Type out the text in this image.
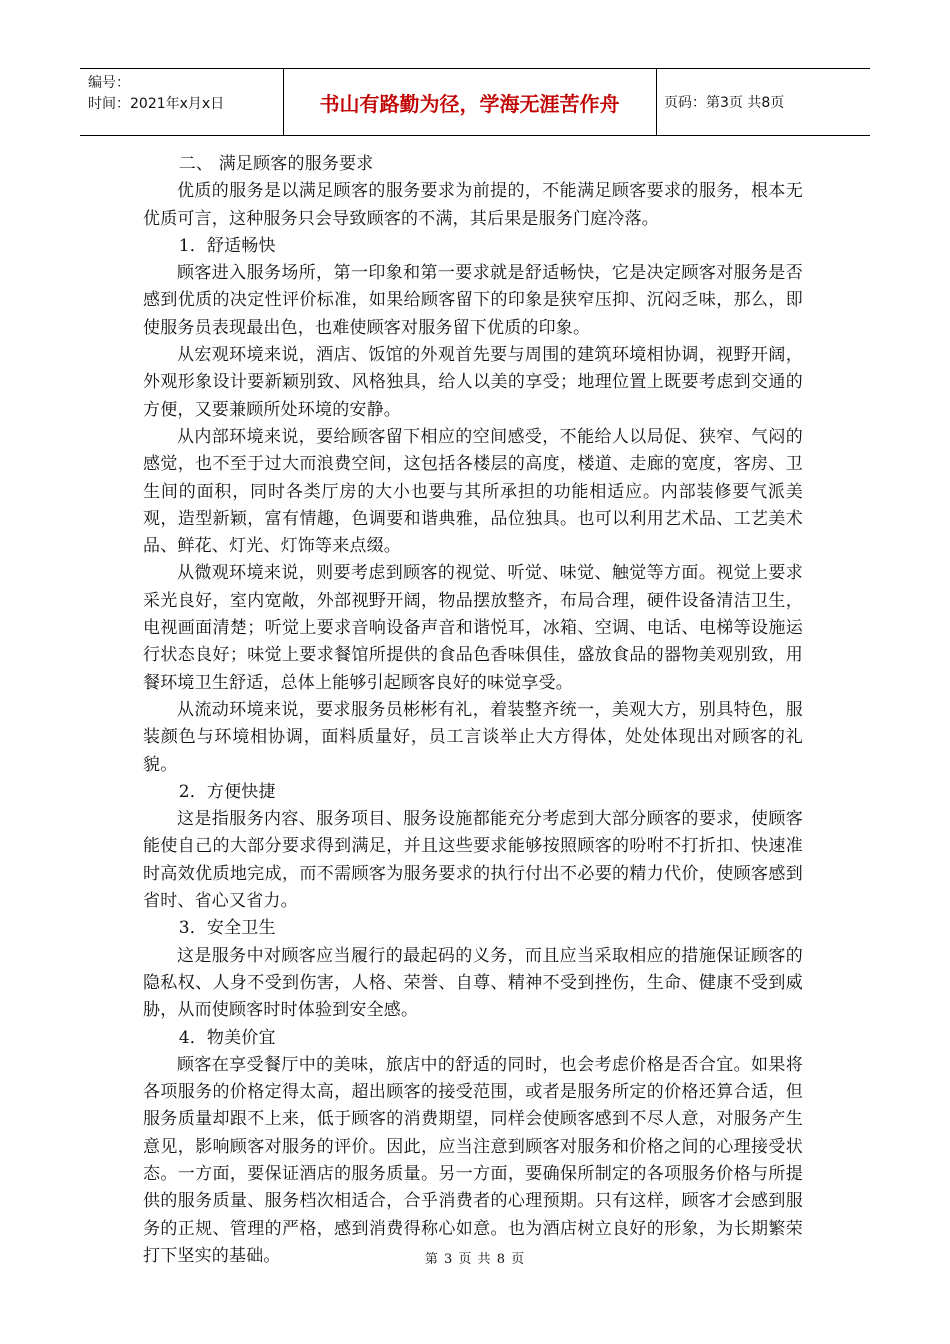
编号：
时间：2021年x月x日	书山有路勤为径，学海无涯苦作舟	页码：第3页 共8页

二、 满足顾客的服务要求

优质的服务是以满足顾客的服务要求为前提的，不能满足顾客要求的服务，根本无优质可言，这种服务只会导致顾客的不满，其后果是服务门庭冷落。

1．舒适畅快

顾客进入服务场所，第一印象和第一要求就是舒适畅快，它是决定顾客对服务是否感到优质的决定性评价标准，如果给顾客留下的印象是狭窄压抑、沉闷乏味，那么，即使服务员表现最出色，也难使顾客对服务留下优质的印象。

从宏观环境来说，酒店、饭馆的外观首先要与周围的建筑环境相协调，视野开阔，外观形象设计要新颖别致、风格独具，给人以美的享受；地理位置上既要考虑到交通的方便，又要兼顾所处环境的安静。

从内部环境来说，要给顾客留下相应的空间感受，不能给人以局促、狭窄、气闷的感觉，也不至于过大而浪费空间，这包括各楼层的高度，楼道、走廊的宽度，客房、卫生间的面积，同时各类厅房的大小也要与其所承担的功能相适应。内部装修要气派美观，造型新颖，富有情趣，色调要和谐典雅，品位独具。也可以利用艺术品、工艺美术品、鲜花、灯光、灯饰等来点缀。

从微观环境来说，则要考虑到顾客的视觉、听觉、味觉、触觉等方面。视觉上要求采光良好，室内宽敞，外部视野开阔，物品摆放整齐，布局合理，硬件设备清洁卫生，电视画面清楚；听觉上要求音响设备声音和谐悦耳，冰箱、空调、电话、电梯等设施运行状态良好；味觉上要求餐馆所提供的食品色香味俱佳，盛放食品的器物美观别致，用餐环境卫生舒适，总体上能够引起顾客良好的味觉享受。

从流动环境来说，要求服务员彬彬有礼，着装整齐统一，美观大方，别具特色，服装颜色与环境相协调，面料质量好，员工言谈举止大方得体，处处体现出对顾客的礼貌。

2．方便快捷

这是指服务内容、服务项目、服务设施都能充分考虑到大部分顾客的要求，使顾客能使自己的大部分要求得到满足，并且这些要求能够按照顾客的吩咐不打折扣、快速准时高效优质地完成，而不需顾客为服务要求的执行付出不必要的精力代价，使顾客感到省时、省心又省力。

3．安全卫生

这是服务中对顾客应当履行的最起码的义务，而且应当采取相应的措施保证顾客的隐私权、人身不受到伤害，人格、荣誉、自尊、精神不受到挫伤，生命、健康不受到威胁，从而使顾客时时体验到安全感。

4．物美价宜

顾客在享受餐厅中的美味，旅店中的舒适的同时，也会考虑价格是否合宜。如果将各项服务的价格定得太高，超出顾客的接受范围，或者是服务所定的价格还算合适，但服务质量却跟不上来，低于顾客的消费期望，同样会使顾客感到不尽人意，对服务产生意见，影响顾客对服务的评价。因此，应当注意到顾客对服务和价格之间的心理接受状态。一方面，要保证酒店的服务质量。另一方面，要确保所制定的各项服务价格与所提供的服务质量、服务档次相适合，合乎消费者的心理预期。只有这样，顾客才会感到服务的正规、管理的严格，感到消费得称心如意。也为酒店树立良好的形象，为长期繁荣打下坚实的基础。	第 3 页 共 8 页
